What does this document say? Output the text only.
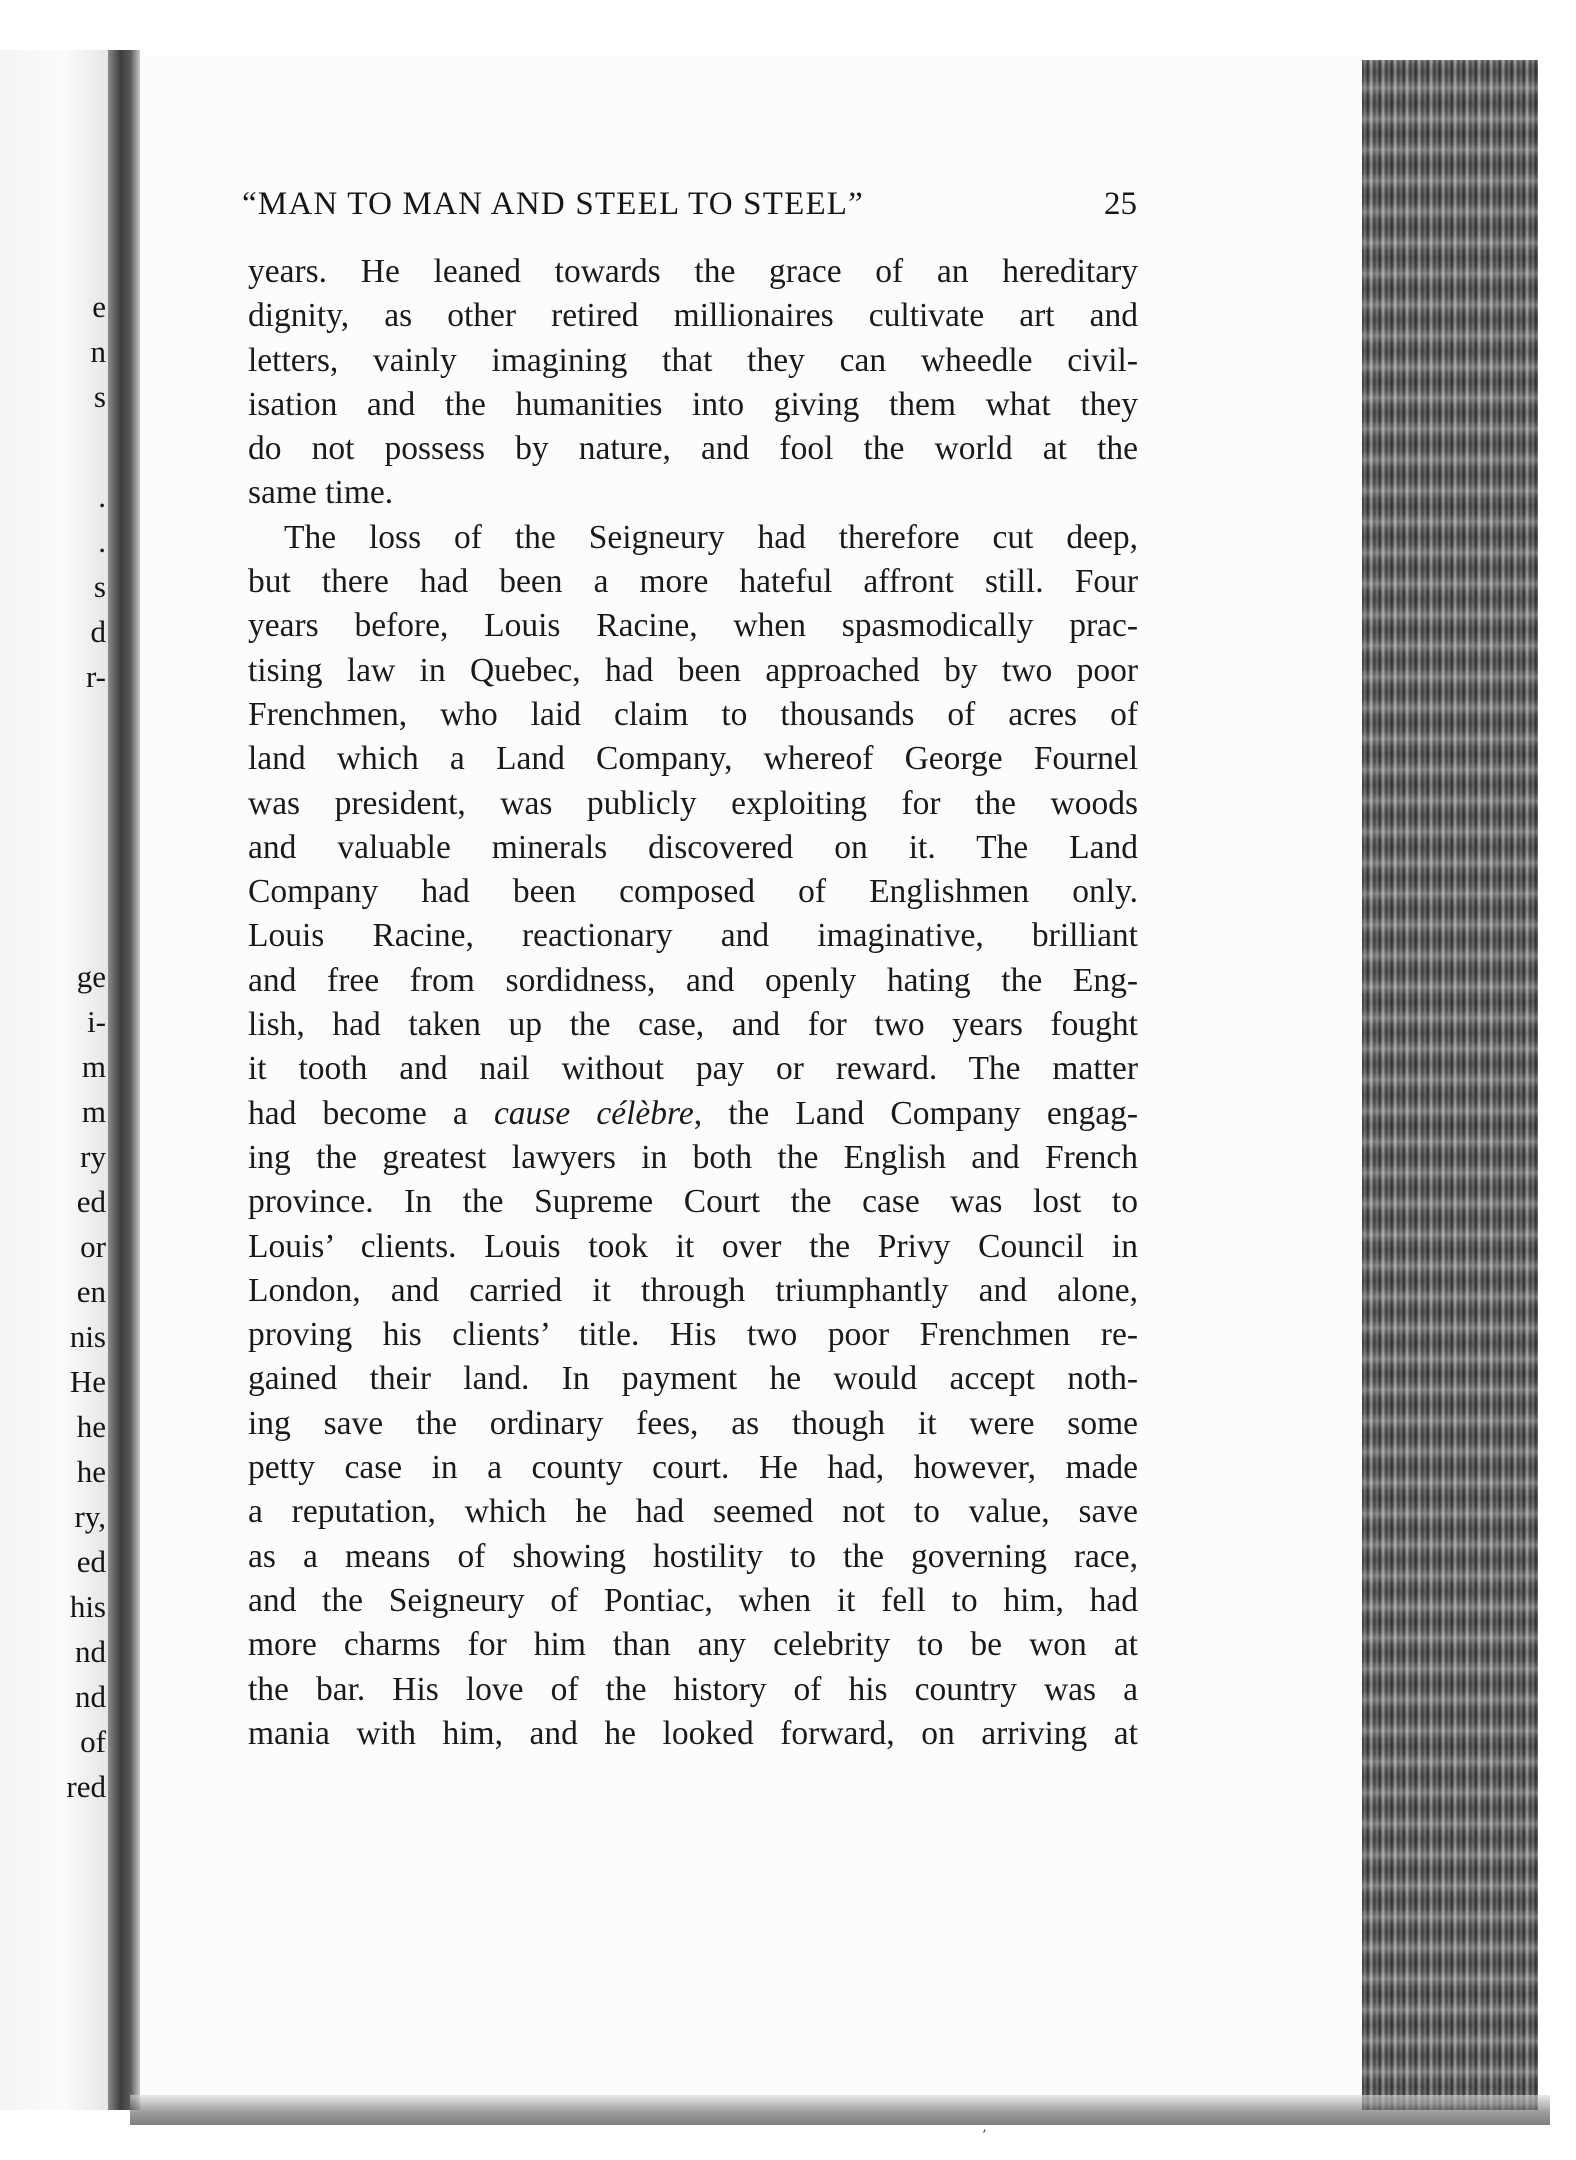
e
n
s
.
.
s
d
r-
ge
i-
m
m
ry
ed
or
en
nis
He
he
he
ry,
ed
his
nd
nd
of
red
“MAN TO MAN AND STEEL TO STEEL”	25
years. He leaned towards the grace of an hereditary
dignity, as other retired millionaires cultivate art and
letters, vainly imagining that they can wheedle civil-
isation and the humanities into giving them what they
do not possess by nature, and fool the world at the
same time.
The loss of the Seigneury had therefore cut deep,
but there had been a more hateful affront still. Four
years before, Louis Racine, when spasmodically prac-
tising law in Quebec, had been approached by two poor
Frenchmen, who laid claim to thousands of acres of
land which a Land Company, whereof George Fournel
was president, was publicly exploiting for the woods
and valuable minerals discovered on it. The Land
Company had been composed of Englishmen only.
Louis Racine, reactionary and imaginative, brilliant
and free from sordidness, and openly hating the Eng-
lish, had taken up the case, and for two years fought
it tooth and nail without pay or reward. The matter
had become a cause célèbre, the Land Company engag-
ing the greatest lawyers in both the English and French
province. In the Supreme Court the case was lost to
Louis’ clients. Louis took it over the Privy Council in
London, and carried it through triumphantly and alone,
proving his clients’ title. His two poor Frenchmen re-
gained their land. In payment he would accept noth-
ing save the ordinary fees, as though it were some
petty case in a county court. He had, however, made
a reputation, which he had seemed not to value, save
as a means of showing hostility to the governing race,
and the Seigneury of Pontiac, when it fell to him, had
more charms for him than any celebrity to be won at
the bar. His love of the history of his country was a
mania with him, and he looked forward, on arriving at
’
